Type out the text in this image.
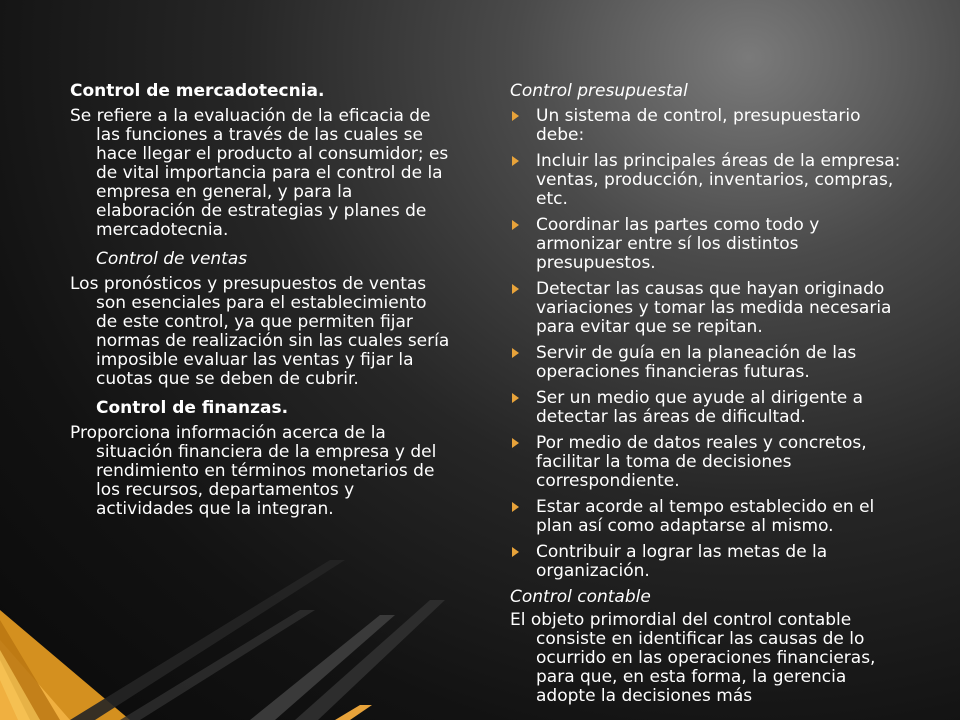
Control de mercadotecnia.

Se refiere a la evaluación de la eficacia de las funciones a través de las cuales se hace llegar el producto al consumidor; es de vital importancia para el control de la empresa en general, y para la elaboración de estrategias y planes de mercadotecnia.

Control de ventas

Los pronósticos y presupuestos de ventas son esenciales para el establecimiento de este control, ya que permiten fijar normas de realización sin las cuales sería imposible evaluar las ventas y fijar la cuotas que se deben de cubrir.

Control de finanzas.

Proporciona información acerca de la situación financiera de la empresa y del rendimiento en términos monetarios de los recursos, departamentos y actividades que la integran.

Control presupuestal

Un sistema de control, presupuestario debe:
Incluir las principales áreas de la empresa: ventas, producción, inventarios, compras, etc.
Coordinar las partes como todo y armonizar entre sí los distintos presupuestos.
Detectar las causas que hayan originado variaciones y tomar las medida necesaria para evitar que se repitan.
Servir de guía en la planeación de las operaciones financieras futuras.
Ser un medio que ayude al dirigente a detectar las áreas de dificultad.
Por medio de datos reales y concretos, facilitar la toma de decisiones correspondiente.
Estar acorde al tempo establecido en el plan así como adaptarse al mismo.
Contribuir a lograr las metas de la organización.

Control contable

El objeto primordial del control contable consiste en identificar las causas de lo ocurrido en las operaciones financieras, para que, en esta forma, la gerencia adopte la decisiones más
